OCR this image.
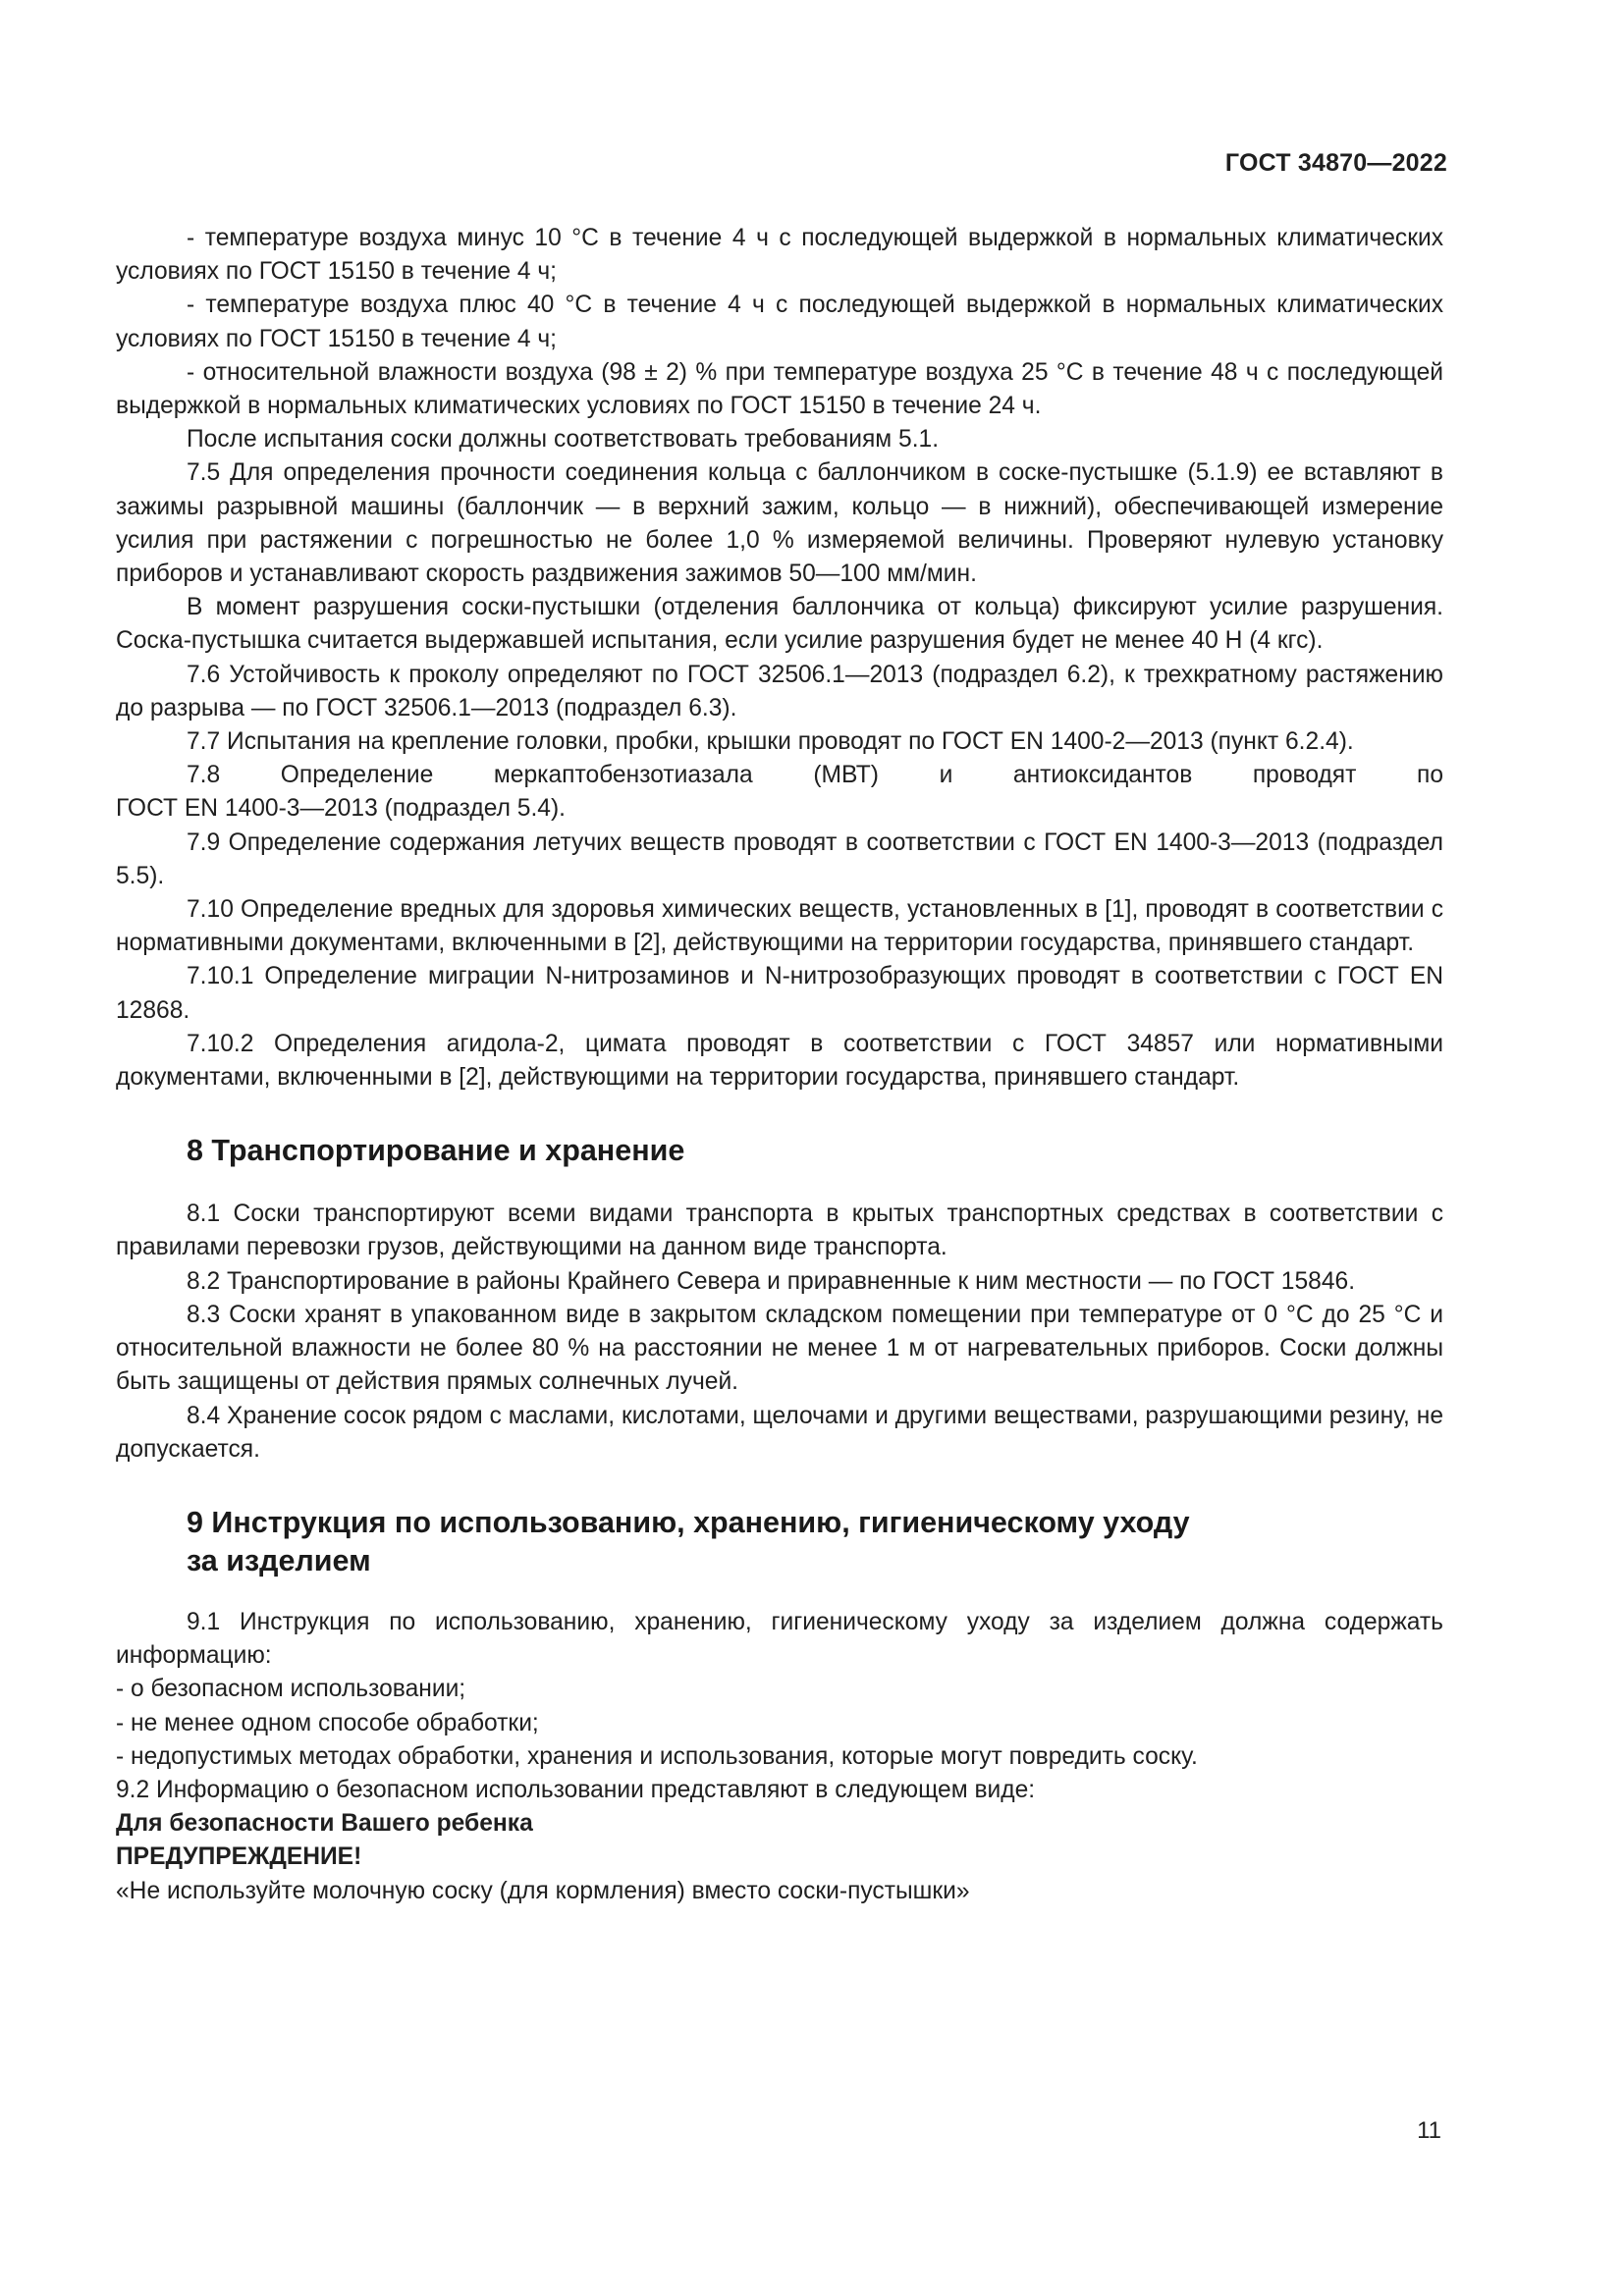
ГОСТ 34870—2022

- температуре воздуха минус 10 °С в течение 4 ч с последующей выдержкой в нормальных климатических условиях по ГОСТ 15150 в течение 4 ч;

- температуре воздуха плюс 40 °С в течение 4 ч с последующей выдержкой в нормальных климатических условиях по ГОСТ 15150 в течение 4 ч;

- относительной влажности воздуха (98 ± 2) % при температуре воздуха 25 °С в течение 48 ч с последующей выдержкой в нормальных климатических условиях по ГОСТ 15150 в течение 24 ч.

После испытания соски должны соответствовать требованиям 5.1.

7.5 Для определения прочности соединения кольца с баллончиком в соске-пустышке (5.1.9) ее вставляют в зажимы разрывной машины (баллончик — в верхний зажим, кольцо — в нижний), обеспечивающей измерение усилия при растяжении с погрешностью не более 1,0 % измеряемой величины. Проверяют нулевую установку приборов и устанавливают скорость раздвижения зажимов 50—100 мм/мин.

В момент разрушения соски-пустышки (отделения баллончика от кольца) фиксируют усилие разрушения. Соска-пустышка считается выдержавшей испытания, если усилие разрушения будет не менее 40 Н (4 кгс).

7.6 Устойчивость к проколу определяют по ГОСТ 32506.1—2013 (подраздел 6.2), к трехкратному растяжению до разрыва — по ГОСТ 32506.1—2013 (подраздел 6.3).

7.7 Испытания на крепление головки, пробки, крышки проводят по ГОСТ EN 1400-2—2013 (пункт 6.2.4).

7.8 Определение меркаптобензотиазала (МВТ) и антиоксидантов проводят по

ГОСТ EN 1400-3—2013 (подраздел 5.4).

7.9 Определение содержания летучих веществ проводят в соответствии с ГОСТ EN 1400-3—2013 (подраздел 5.5).

7.10 Определение вредных для здоровья химических веществ, установленных в [1], проводят в соответствии с нормативными документами, включенными в [2], действующими на территории государства, принявшего стандарт.

7.10.1 Определение миграции N-нитрозаминов и N-нитрозобразующих проводят в соответствии с ГОСТ EN 12868.

7.10.2 Определения агидола-2, цимата проводят в соответствии с ГОСТ 34857 или нормативными документами, включенными в [2], действующими на территории государства, принявшего стандарт.

8 Транспортирование и хранение

8.1 Соски транспортируют всеми видами транспорта в крытых транспортных средствах в соответствии с правилами перевозки грузов, действующими на данном виде транспорта.

8.2 Транспортирование в районы Крайнего Севера и приравненные к ним местности — по ГОСТ 15846.

8.3 Соски хранят в упакованном виде в закрытом складском помещении при температуре от 0 °С до 25 °С и относительной влажности не более 80 % на расстоянии не менее 1 м от нагревательных приборов. Соски должны быть защищены от действия прямых солнечных лучей.

8.4 Хранение сосок рядом с маслами, кислотами, щелочами и другими веществами, разрушающими резину, не допускается.

9 Инструкция по использованию, хранению, гигиеническому уходу
за изделием

9.1 Инструкция по использованию, хранению, гигиеническому уходу за изделием должна содержать информацию:

- о безопасном использовании;

- не менее одном способе обработки;

- недопустимых методах обработки, хранения и использования, которые могут повредить соску.

9.2 Информацию о безопасном использовании представляют в следующем виде:

Для безопасности Вашего ребенка

ПРЕДУПРЕЖДЕНИЕ!

«Не используйте молочную соску (для кормления) вместо соски-пустышки»

11
